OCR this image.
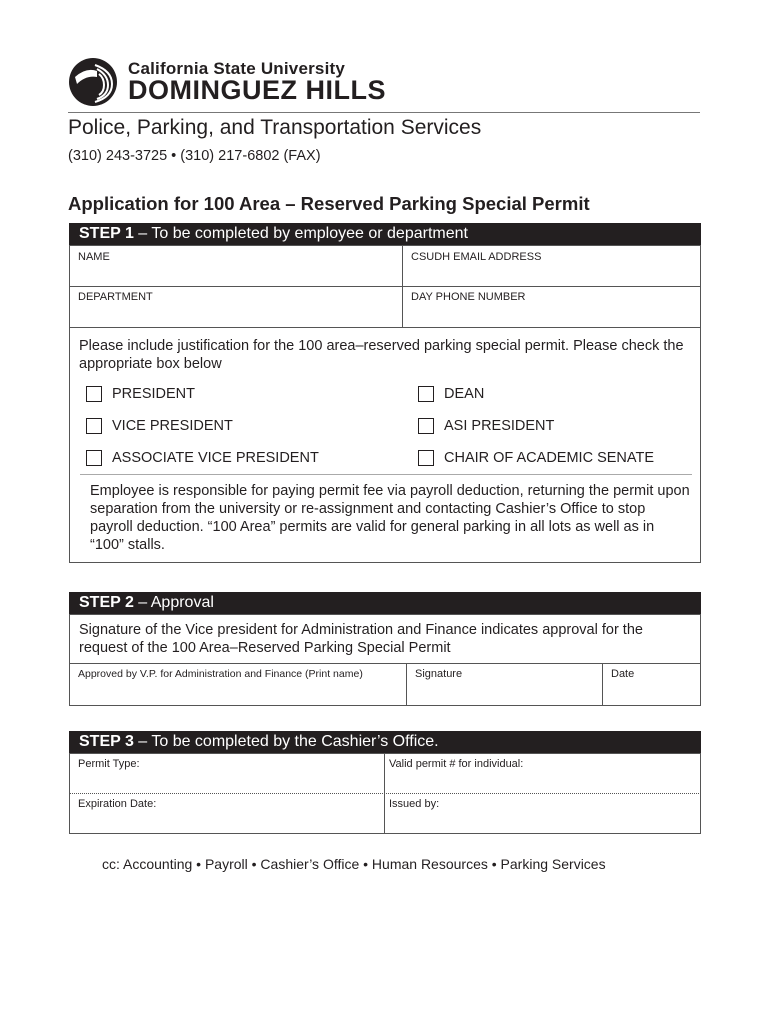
California State University
DOMINGUEZ HILLS
Police, Parking, and Transportation Services
(310) 243-3725 • (310) 217-6802 (FAX)
Application for 100 Area – Reserved Parking Special Permit
STEP 1 – To be completed by employee or department
NAME	CSUDH EMAIL ADDRESS
DEPARTMENT	DAY PHONE NUMBER
Please include justification for the 100 area–reserved parking special permit. Please check the appropriate box below
PRESIDENT	DEAN
VICE PRESIDENT	ASI PRESIDENT
ASSOCIATE VICE PRESIDENT	CHAIR OF ACADEMIC SENATE
Employee is responsible for paying permit fee via payroll deduction, returning the permit upon separation from the university or re-assignment and contacting Cashier’s Office to stop payroll deduction. “100 Area” permits are valid for general parking in all lots as well as in “100” stalls.
STEP 2 – Approval
Signature of the Vice president for Administration and Finance indicates approval for the request of the 100 Area–Reserved Parking Special Permit
Approved by V.P. for Administration and Finance (Print name)	Signature	Date
STEP 3 – To be completed by the Cashier’s Office.
Permit Type:	Valid permit # for individual:
Expiration Date:	Issued by:
cc: Accounting • Payroll • Cashier’s Office • Human Resources • Parking Services
